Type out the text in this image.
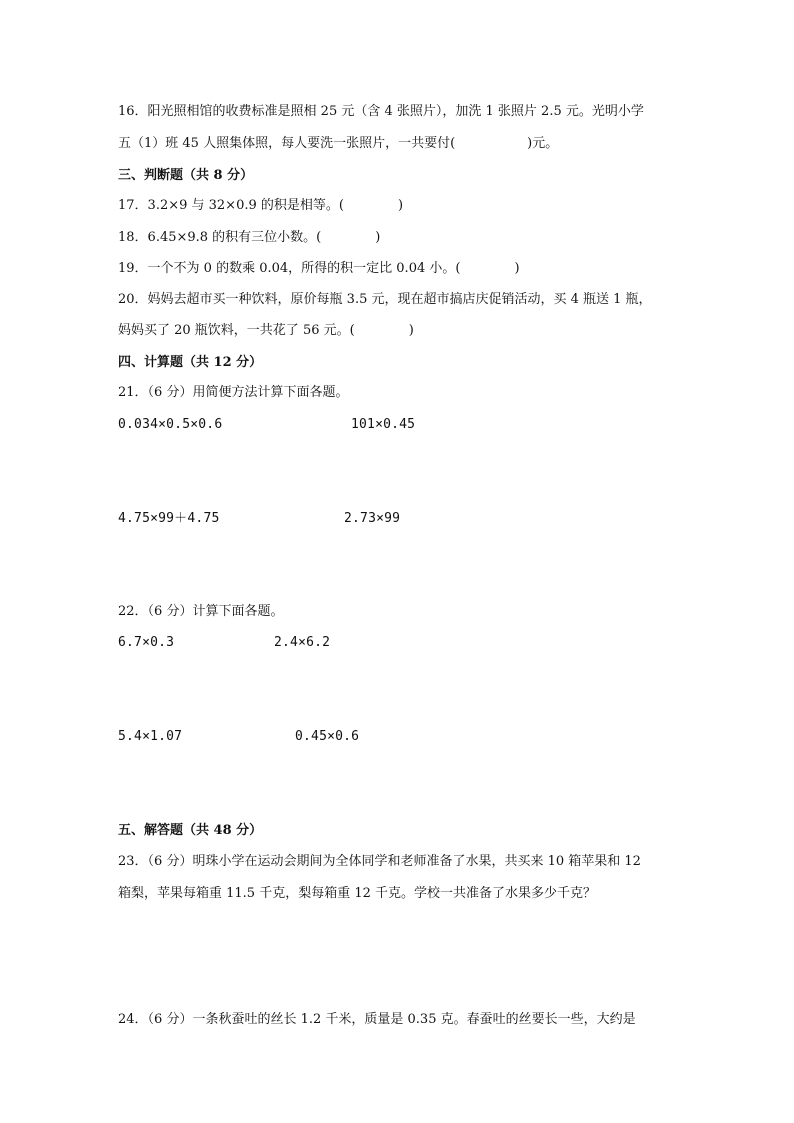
16．阳光照相馆的收费标准是照相 25 元（含 4 张照片），加洗 1 张照片 2.5 元。光明小学
五（1）班 45 人照集体照，每人要洗一张照片，一共要付(	)元。
三、判断题（共 8 分）
17．3.2×9 与 32×0.9 的积是相等。(	)
18．6.45×9.8 的积有三位小数。(	)
19．一个不为 0 的数乘 0.04，所得的积一定比 0.04 小。(	)
20．妈妈去超市买一种饮料，原价每瓶 3.5 元，现在超市搞店庆促销活动，买 4 瓶送 1 瓶，
妈妈买了 20 瓶饮料，一共花了 56 元。(	)
四、计算题（共 12 分）
21．（6 分）用简便方法计算下面各题。
0.034×0.5×0.6	101×0.45
4.75×99＋4.75	2.73×99
22．（6 分）计算下面各题。
6.7×0.3	2.4×6.2
5.4×1.07	0.45×0.6
五、解答题（共 48 分）
23．（6 分）明珠小学在运动会期间为全体同学和老师准备了水果，共买来 10 箱苹果和 12
箱梨，苹果每箱重 11.5 千克，梨每箱重 12 千克。学校一共准备了水果多少千克？
24．（6 分）一条秋蚕吐的丝长 1.2 千米，质量是 0.35 克。春蚕吐的丝要长一些，大约是
